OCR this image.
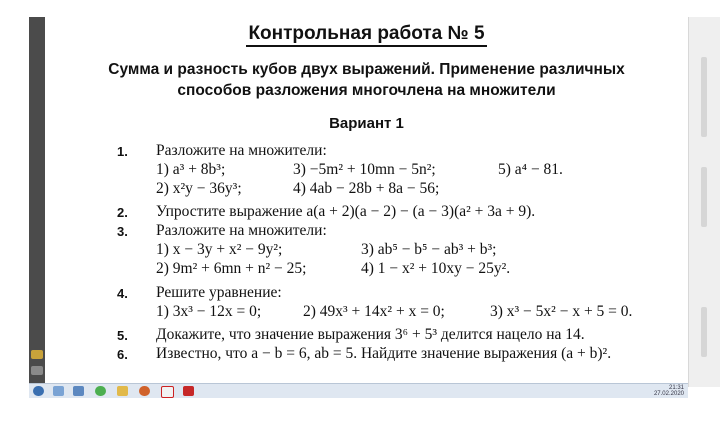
Контрольная работа № 5
Сумма и разность кубов двух выражений. Применение различных
способов разложения многочлена на множители
Вариант 1
1. Разложите на множители:
1) a³ + 8b³;	3) −5m² + 10mn − 5n²;	5) a⁴ − 81.
2) x²y − 36y³;	4) 4ab − 28b + 8a − 56;
2. Упростите выражение a(a + 2)(a − 2) − (a − 3)(a² + 3a + 9).
3. Разложите на множители:
1) x − 3y + x² − 9y²;	3) ab⁵ − b⁵ − ab³ + b³;
2) 9m² + 6mn + n² − 25;	4) 1 − x² + 10xy − 25y².
4. Решите уравнение:
1) 3x³ − 12x = 0;	2) 49x³ + 14x² + x = 0;	3) x³ − 5x² − x + 5 = 0.
5. Докажите, что значение выражения 3⁶ + 5³ делится нацело на 14.
6. Известно, что a − b = 6, ab = 5. Найдите значение выражения (a + b)².
21:31
27.02.2020
